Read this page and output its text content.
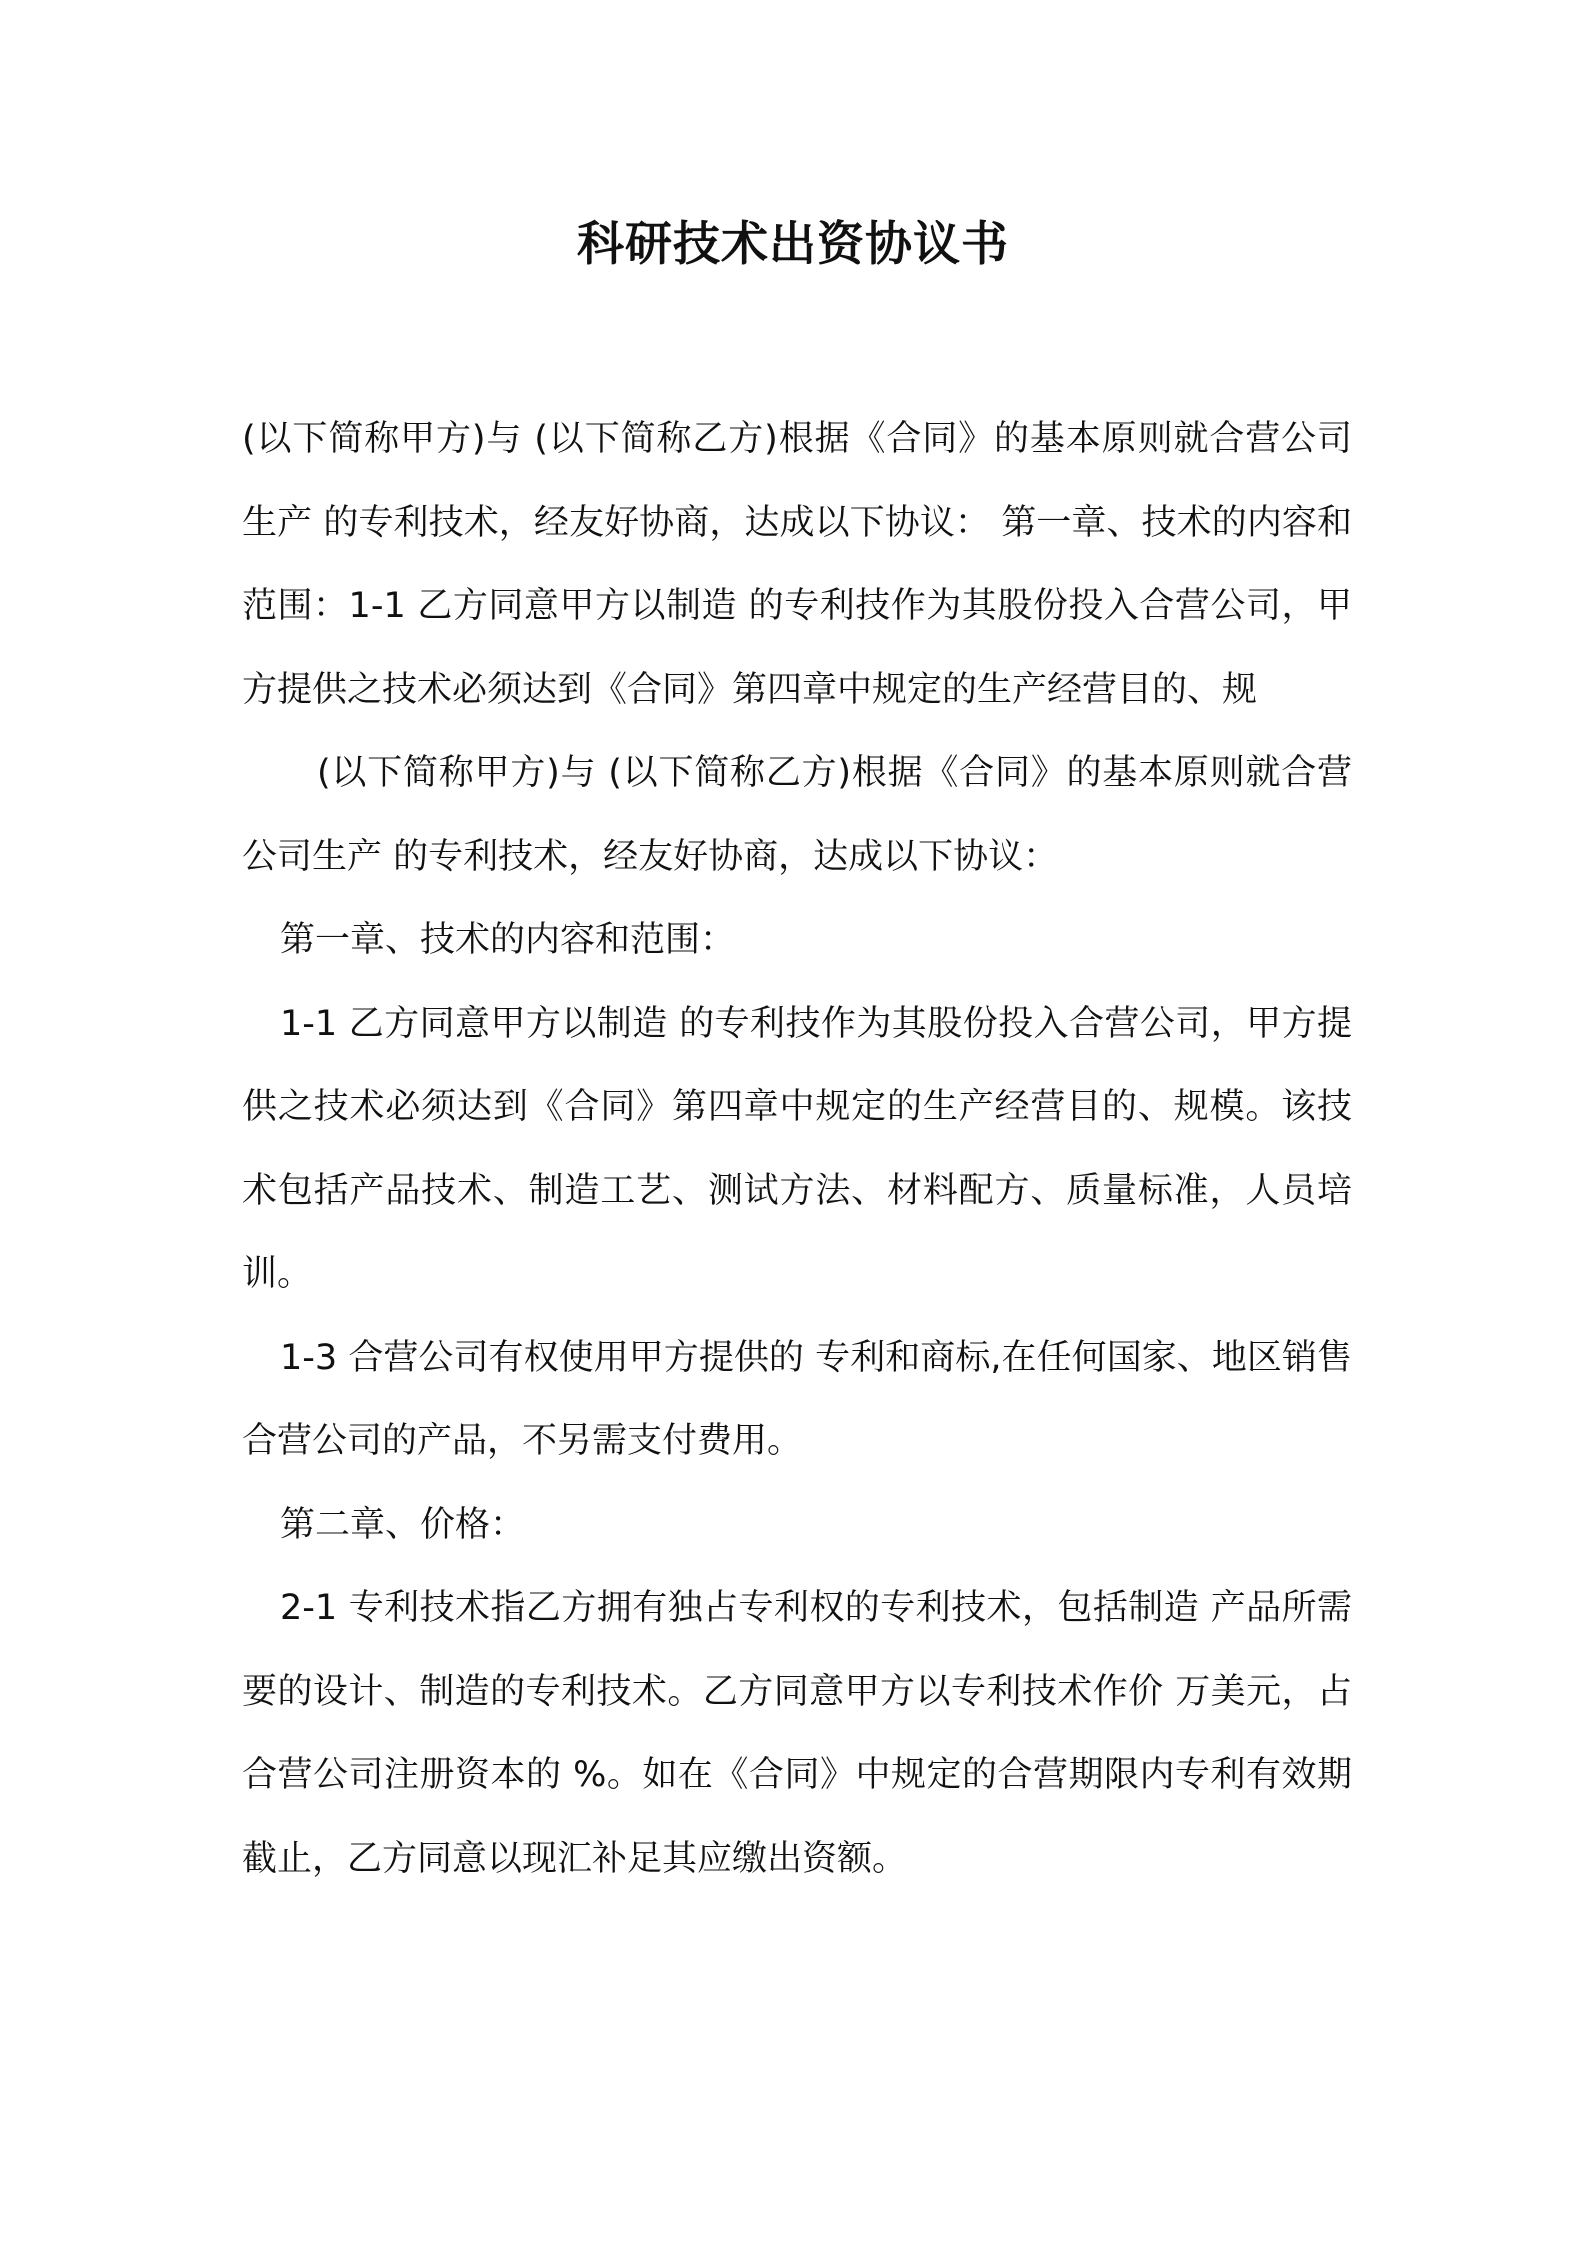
科研技术出资协议书

(以下简称甲方)与 (以下简称乙方)根据《合同》的基本原则就合营公司生产 的专利技术，经友好协商，达成以下协议： 第一章、技术的内容和范围：1-1 乙方同意甲方以制造 的专利技作为其股份投入合营公司，甲方提供之技术必须达到《合同》第四章中规定的生产经营目的、规

(以下简称甲方)与 (以下简称乙方)根据《合同》的基本原则就合营公司生产 的专利技术，经友好协商，达成以下协议：

第一章、技术的内容和范围：

1-1 乙方同意甲方以制造 的专利技作为其股份投入合营公司，甲方提供之技术必须达到《合同》第四章中规定的生产经营目的、规模。该技术包括产品技术、制造工艺、测试方法、材料配方、质量标准，人员培训。

1-3 合营公司有权使用甲方提供的 专利和商标,在任何国家、地区销售合营公司的产品，不另需支付费用。

第二章、价格：

2-1 专利技术指乙方拥有独占专利权的专利技术，包括制造 产品所需要的设计、制造的专利技术。乙方同意甲方以专利技术作价 万美元，占合营公司注册资本的 %。如在《合同》中规定的合营期限内专利有效期截止，乙方同意以现汇补足其应缴出资额。
